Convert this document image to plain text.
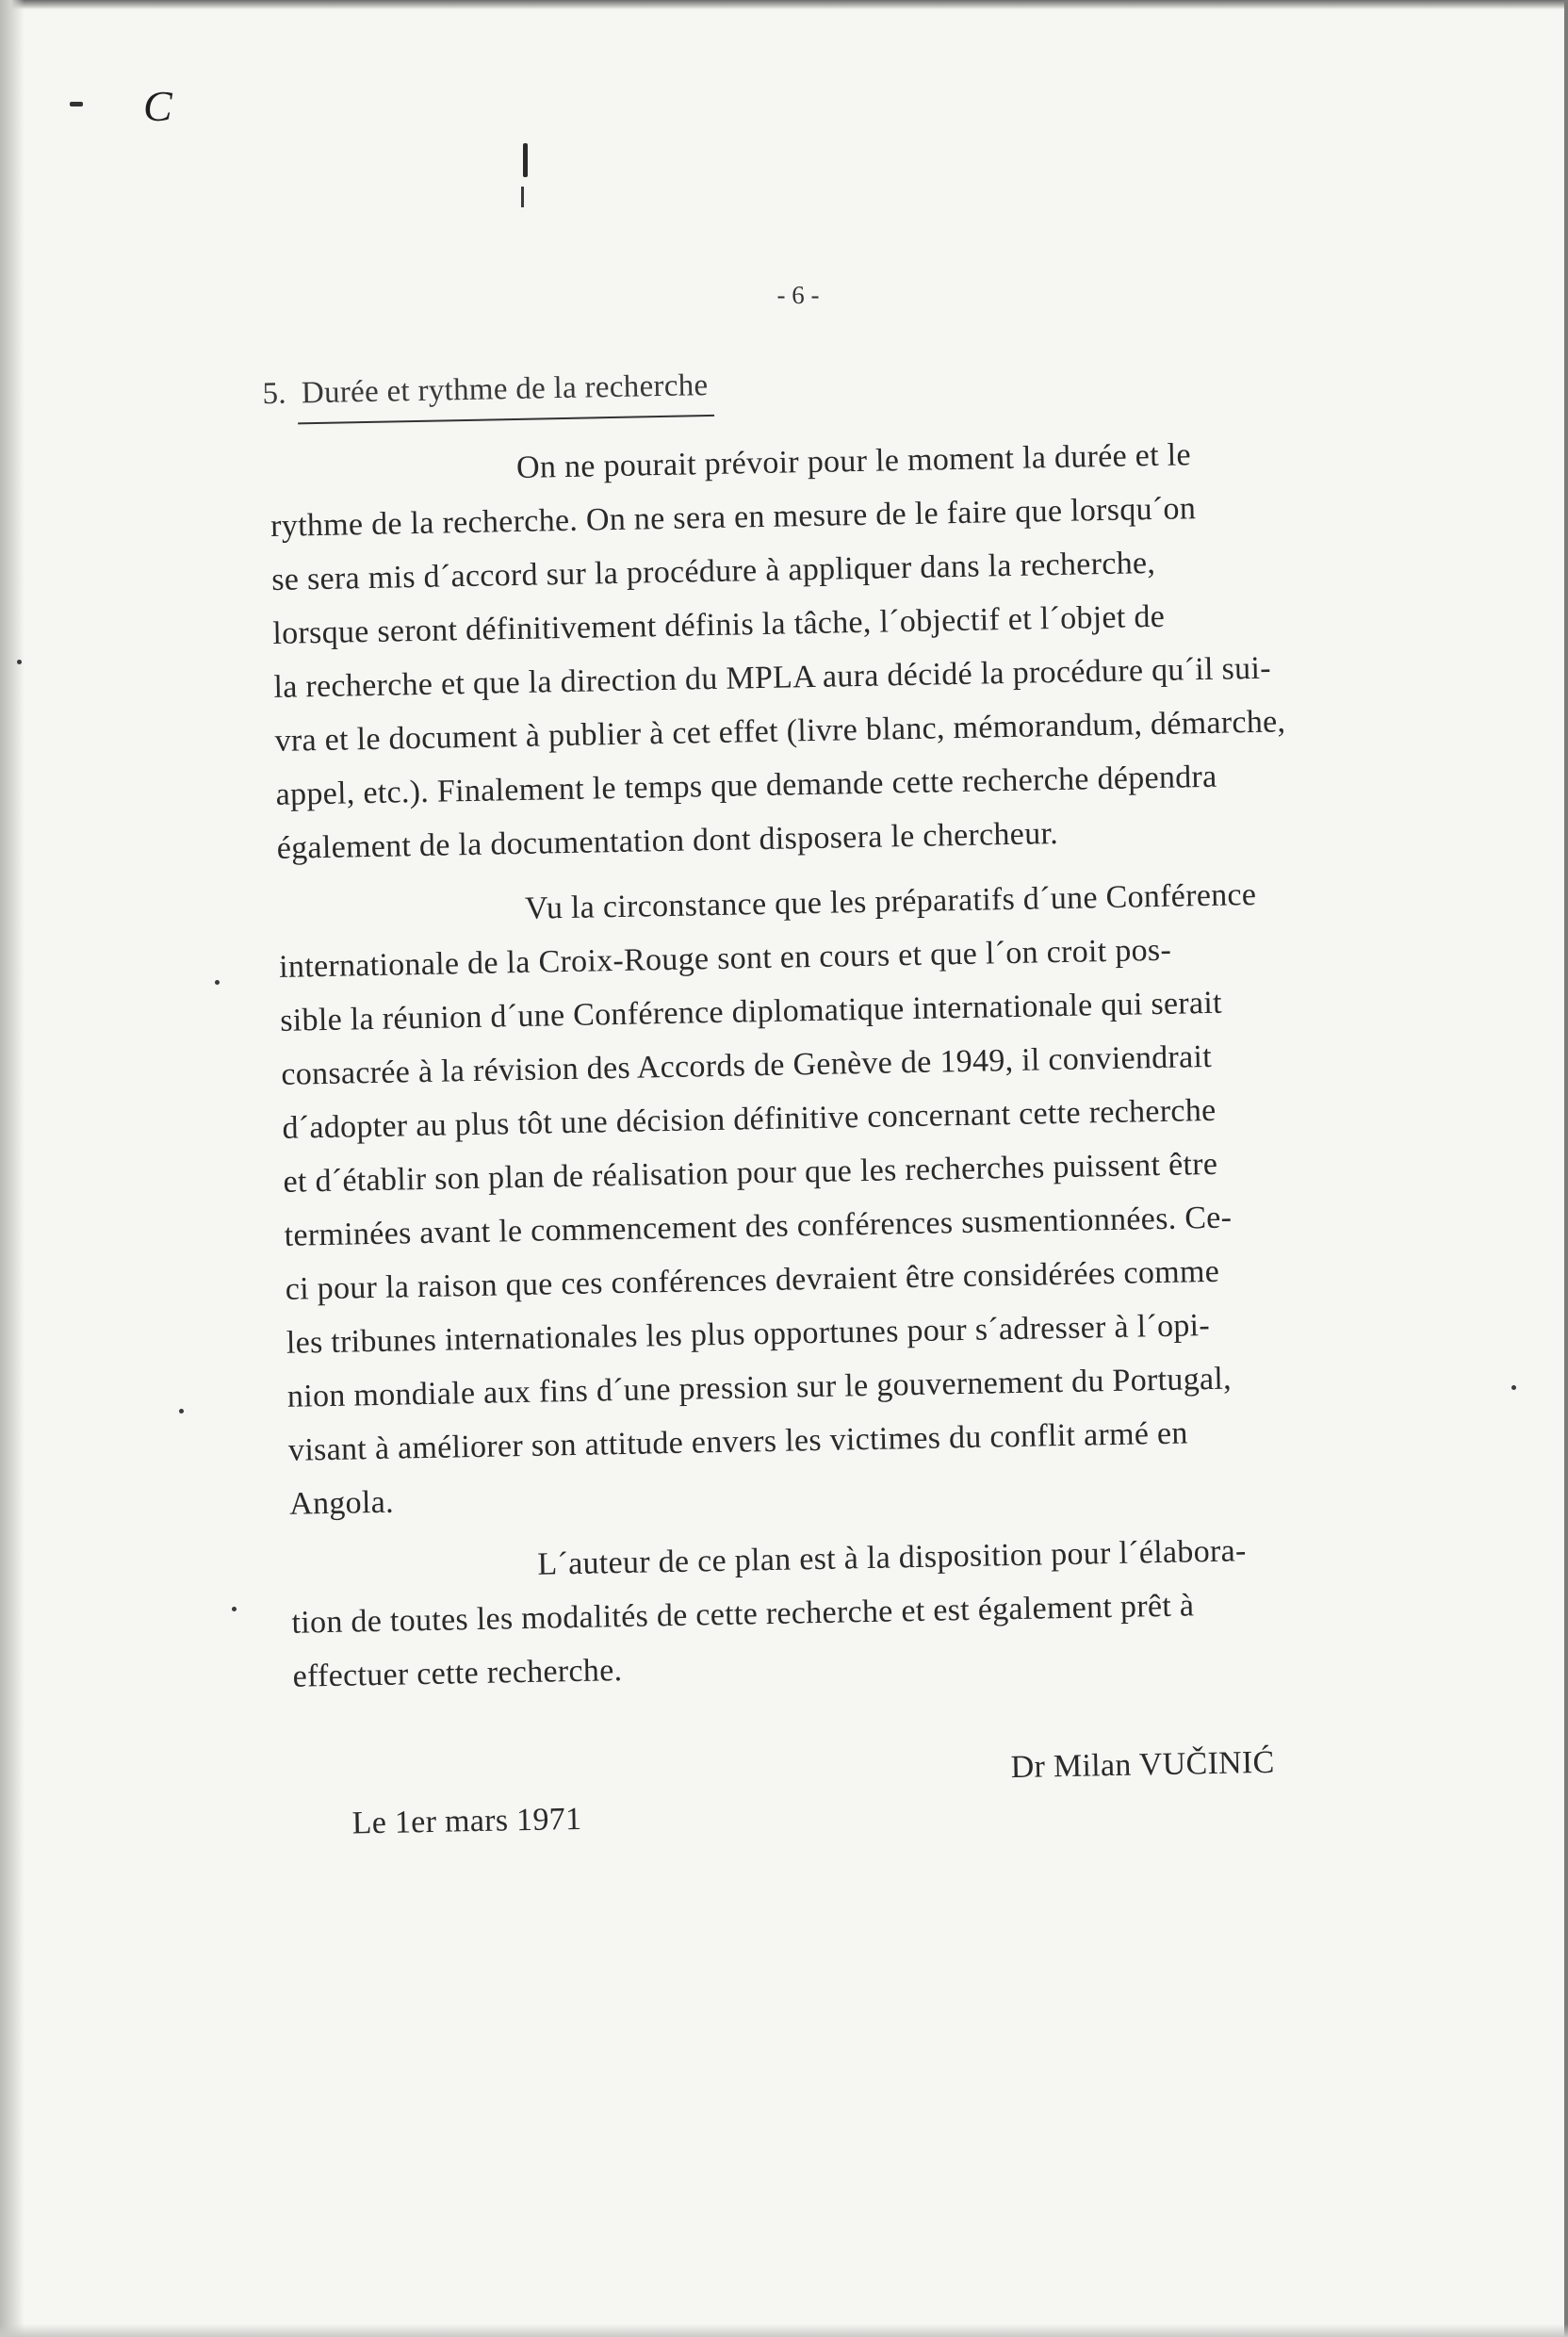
C
- 6 -
5. Durée et rythme de la recherche
On ne pourait prévoir pour le moment la durée et le
rythme de la recherche. On ne sera en mesure de le faire que lorsqu´on
se sera mis d´accord sur la procédure à appliquer dans la recherche,
lorsque seront définitivement définis la tâche, l´objectif et l´objet de
la recherche et que la direction du MPLA aura décidé la procédure qu´il sui-
vra et le document à publier à cet effet (livre blanc, mémorandum, démarche,
appel, etc.). Finalement le temps que demande cette recherche dépendra
également de la documentation dont disposera le chercheur.
Vu la circonstance que les préparatifs d´une Conférence
internationale de la Croix-Rouge sont en cours et que l´on croit pos-
sible la réunion d´une Conférence diplomatique internationale qui serait
consacrée à la révision des Accords de Genève de 1949, il conviendrait
d´adopter au plus tôt une décision définitive concernant cette recherche
et d´établir son plan de réalisation pour que les recherches puissent être
terminées avant le commencement des conférences susmentionnées. Ce-
ci pour la raison que ces conférences devraient être considérées comme
les tribunes internationales les plus opportunes pour s´adresser à l´opi-
nion mondiale aux fins d´une pression sur le gouvernement du Portugal,
visant à améliorer son attitude envers les victimes du conflit armé en
Angola.
L´auteur de ce plan est à la disposition pour l´élabora-
tion de toutes les modalités de cette recherche et est également prêt à
effectuer cette recherche.
Dr Milan VUČINIĆ
Le 1er mars 1971
